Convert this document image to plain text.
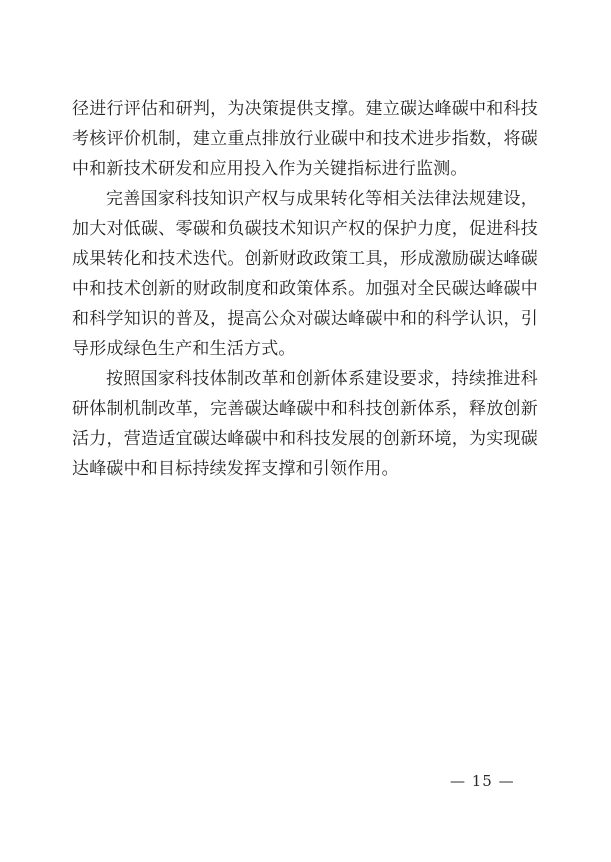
径进行评估和研判，为决策提供支撑。建立碳达峰碳中和科技考核评价机制，建立重点排放行业碳中和技术进步指数，将碳中和新技术研发和应用投入作为关键指标进行监测。

完善国家科技知识产权与成果转化等相关法律法规建设，加大对低碳、零碳和负碳技术知识产权的保护力度，促进科技成果转化和技术迭代。创新财政政策工具，形成激励碳达峰碳中和技术创新的财政制度和政策体系。加强对全民碳达峰碳中和科学知识的普及，提高公众对碳达峰碳中和的科学认识，引导形成绿色生产和生活方式。

按照国家科技体制改革和创新体系建设要求，持续推进科研体制机制改革，完善碳达峰碳中和科技创新体系，释放创新活力，营造适宜碳达峰碳中和科技发展的创新环境，为实现碳达峰碳中和目标持续发挥支撑和引领作用。

— 15 —
